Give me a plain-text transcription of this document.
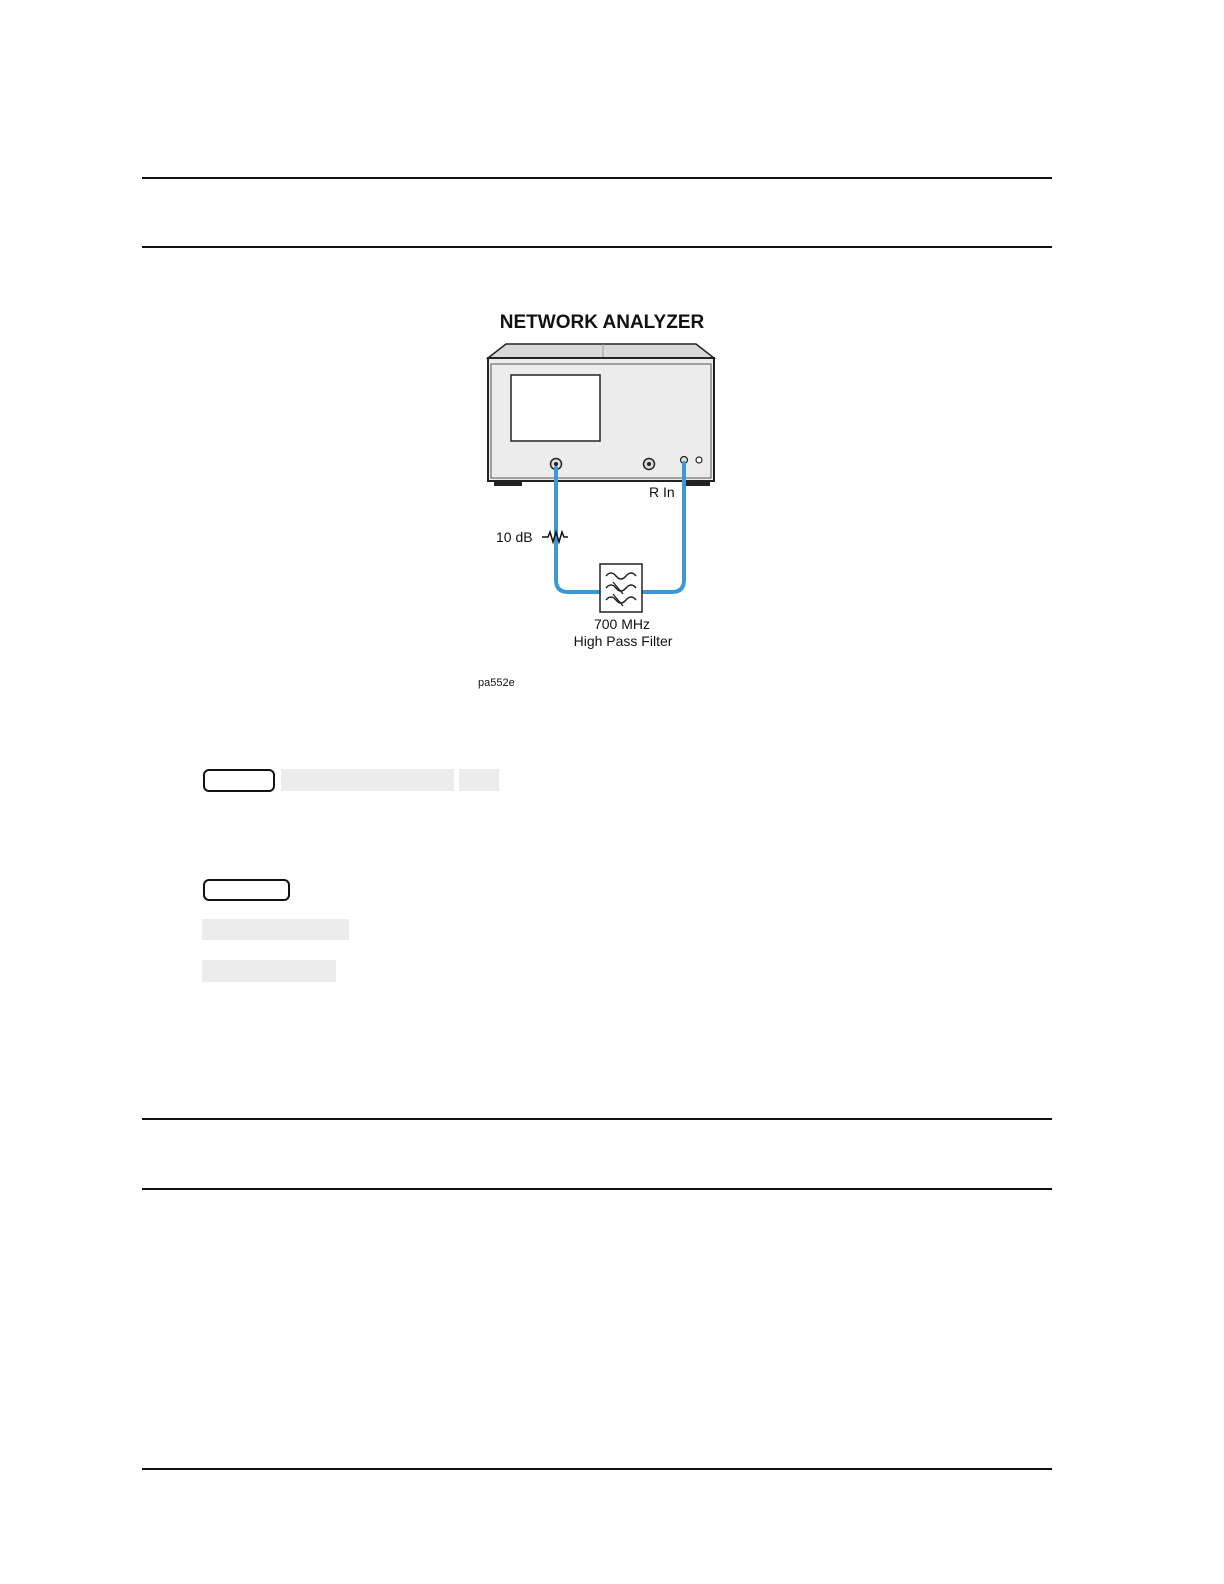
NETWORK ANALYZER
R In
10 dB
700 MHz
High Pass Filter
pa552e
